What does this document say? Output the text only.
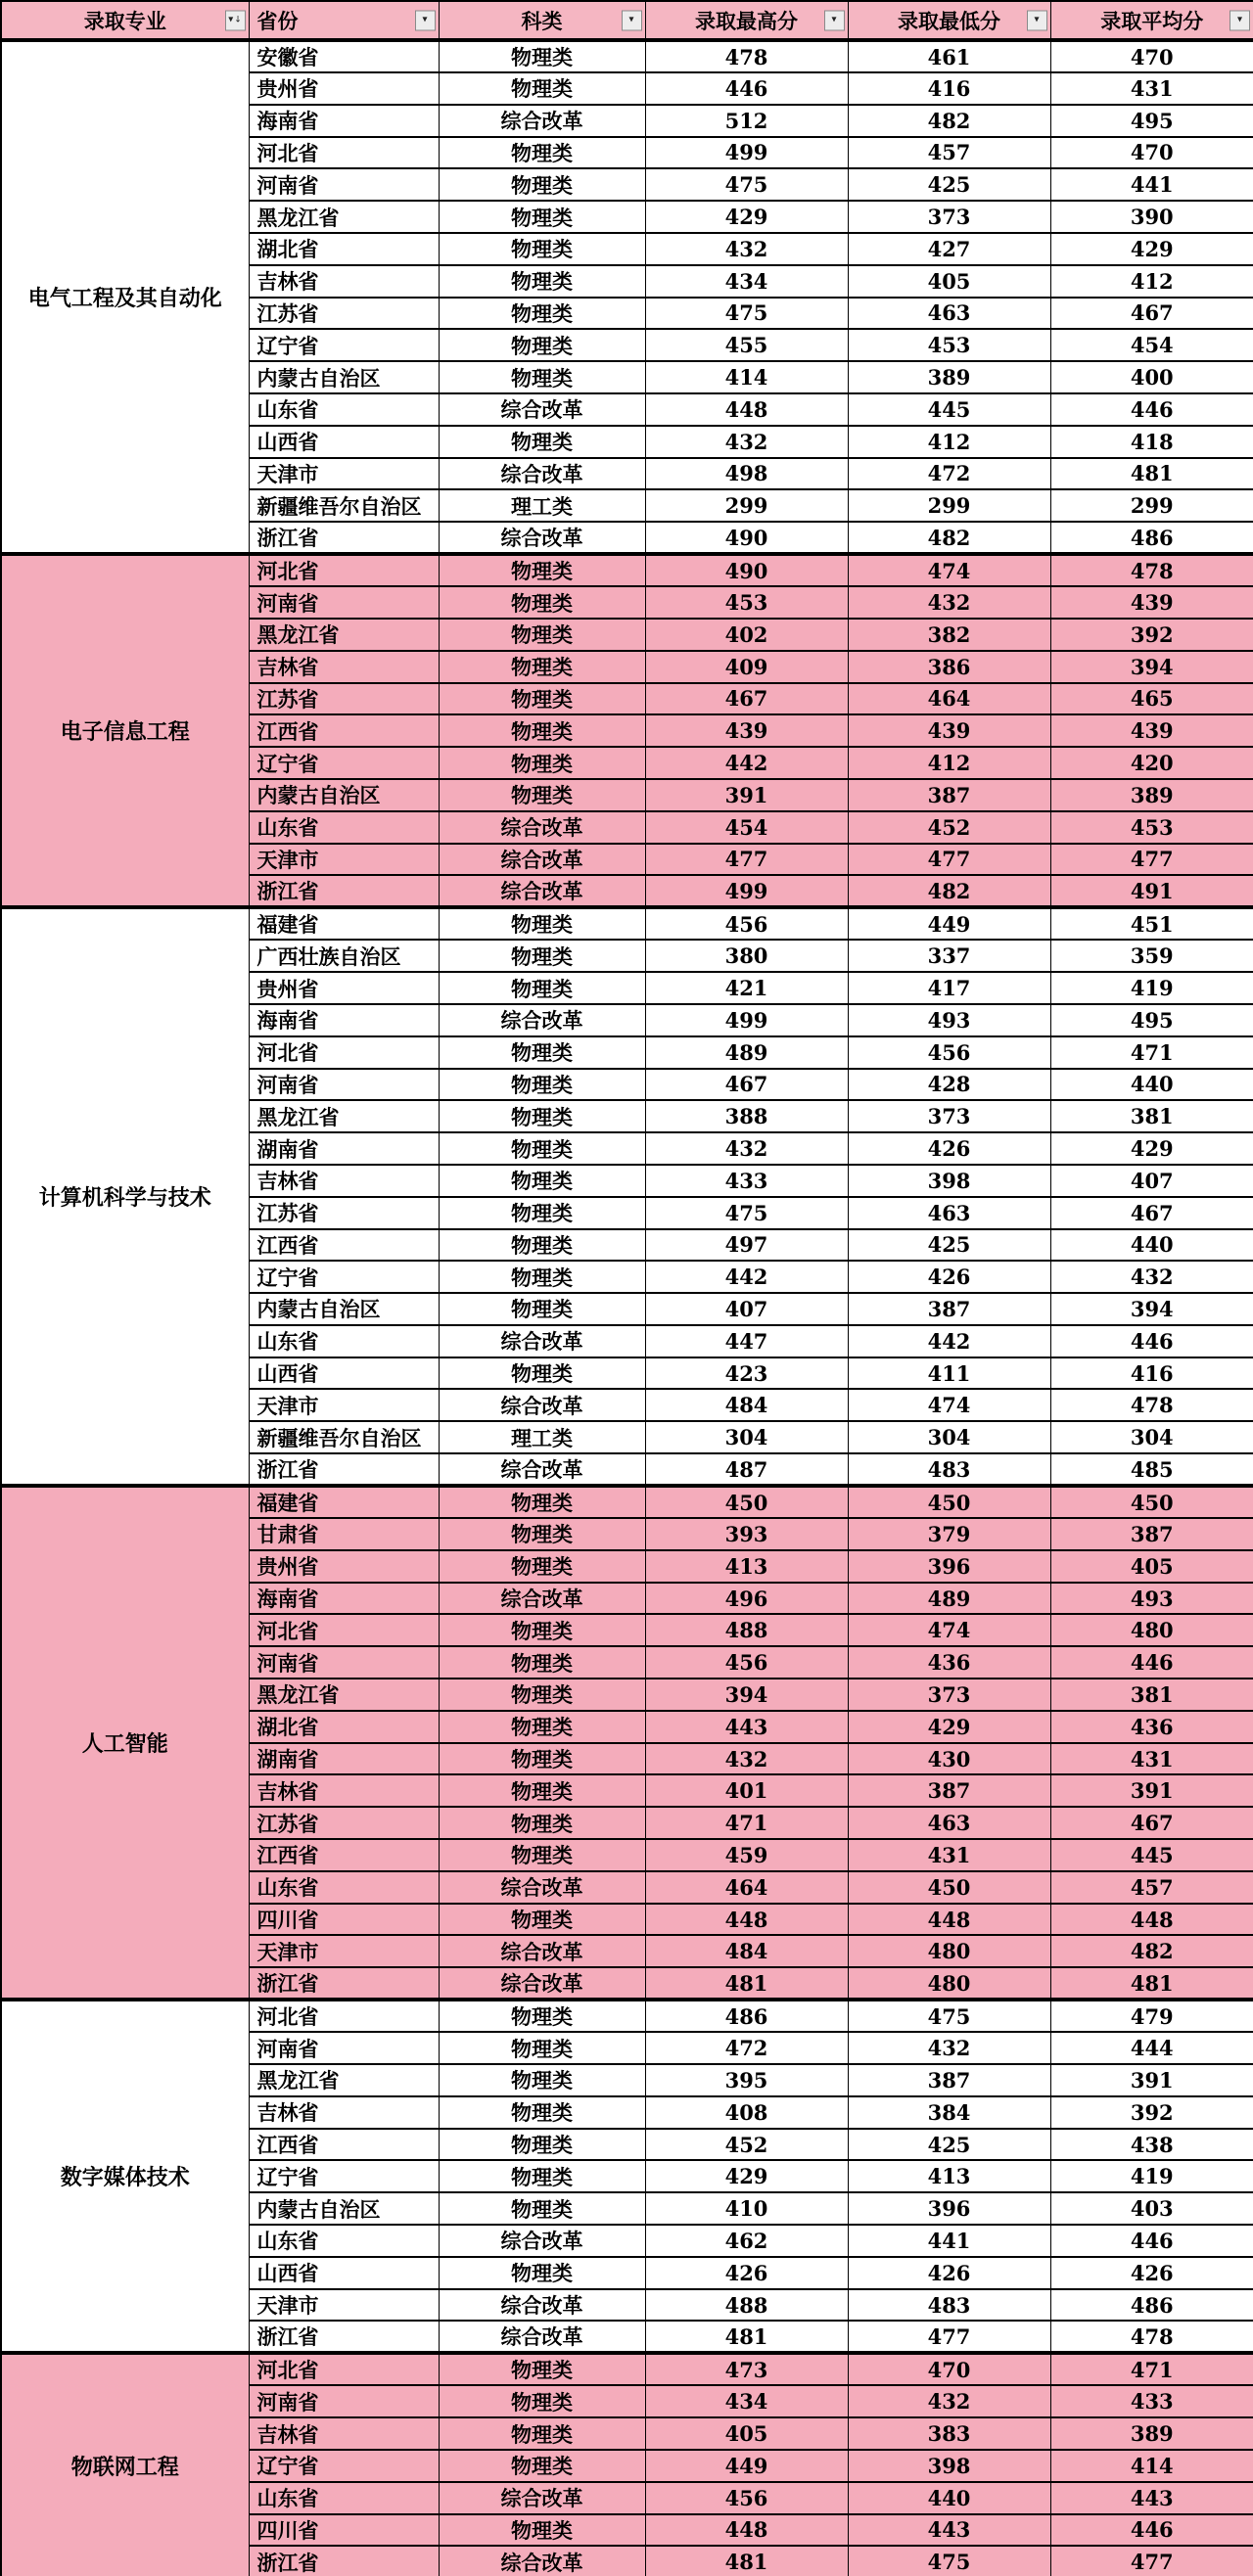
录取专业 ▾ ↓	省份 ▾	科类 ▾	录取最高分 ▾	录取最低分 ▾	录取平均分 ▾

电气工程及其自动化	安徽省	物理类	478	461	470
	贵州省	物理类	446	416	431
	海南省	综合改革	512	482	495
	河北省	物理类	499	457	470
	河南省	物理类	475	425	441
	黑龙江省	物理类	429	373	390
	湖北省	物理类	432	427	429
	吉林省	物理类	434	405	412
	江苏省	物理类	475	463	467
	辽宁省	物理类	455	453	454
	内蒙古自治区	物理类	414	389	400
	山东省	综合改革	448	445	446
	山西省	物理类	432	412	418
	天津市	综合改革	498	472	481
	新疆维吾尔自治区	理工类	299	299	299
	浙江省	综合改革	490	482	486
电子信息工程	河北省	物理类	490	474	478
	河南省	物理类	453	432	439
	黑龙江省	物理类	402	382	392
	吉林省	物理类	409	386	394
	江苏省	物理类	467	464	465
	江西省	物理类	439	439	439
	辽宁省	物理类	442	412	420
	内蒙古自治区	物理类	391	387	389
	山东省	综合改革	454	452	453
	天津市	综合改革	477	477	477
	浙江省	综合改革	499	482	491
计算机科学与技术	福建省	物理类	456	449	451
	广西壮族自治区	物理类	380	337	359
	贵州省	物理类	421	417	419
	海南省	综合改革	499	493	495
	河北省	物理类	489	456	471
	河南省	物理类	467	428	440
	黑龙江省	物理类	388	373	381
	湖南省	物理类	432	426	429
	吉林省	物理类	433	398	407
	江苏省	物理类	475	463	467
	江西省	物理类	497	425	440
	辽宁省	物理类	442	426	432
	内蒙古自治区	物理类	407	387	394
	山东省	综合改革	447	442	446
	山西省	物理类	423	411	416
	天津市	综合改革	484	474	478
	新疆维吾尔自治区	理工类	304	304	304
	浙江省	综合改革	487	483	485
人工智能	福建省	物理类	450	450	450
	甘肃省	物理类	393	379	387
	贵州省	物理类	413	396	405
	海南省	综合改革	496	489	493
	河北省	物理类	488	474	480
	河南省	物理类	456	436	446
	黑龙江省	物理类	394	373	381
	湖北省	物理类	443	429	436
	湖南省	物理类	432	430	431
	吉林省	物理类	401	387	391
	江苏省	物理类	471	463	467
	江西省	物理类	459	431	445
	山东省	综合改革	464	450	457
	四川省	物理类	448	448	448
	天津市	综合改革	484	480	482
	浙江省	综合改革	481	480	481
数字媒体技术	河北省	物理类	486	475	479
	河南省	物理类	472	432	444
	黑龙江省	物理类	395	387	391
	吉林省	物理类	408	384	392
	江西省	物理类	452	425	438
	辽宁省	物理类	429	413	419
	内蒙古自治区	物理类	410	396	403
	山东省	综合改革	462	441	446
	山西省	物理类	426	426	426
	天津市	综合改革	488	483	486
	浙江省	综合改革	481	477	478
物联网工程	河北省	物理类	473	470	471
	河南省	物理类	434	432	433
	吉林省	物理类	405	383	389
	辽宁省	物理类	449	398	414
	山东省	综合改革	456	440	443
	四川省	物理类	448	443	446
	浙江省	综合改革	481	475	477
